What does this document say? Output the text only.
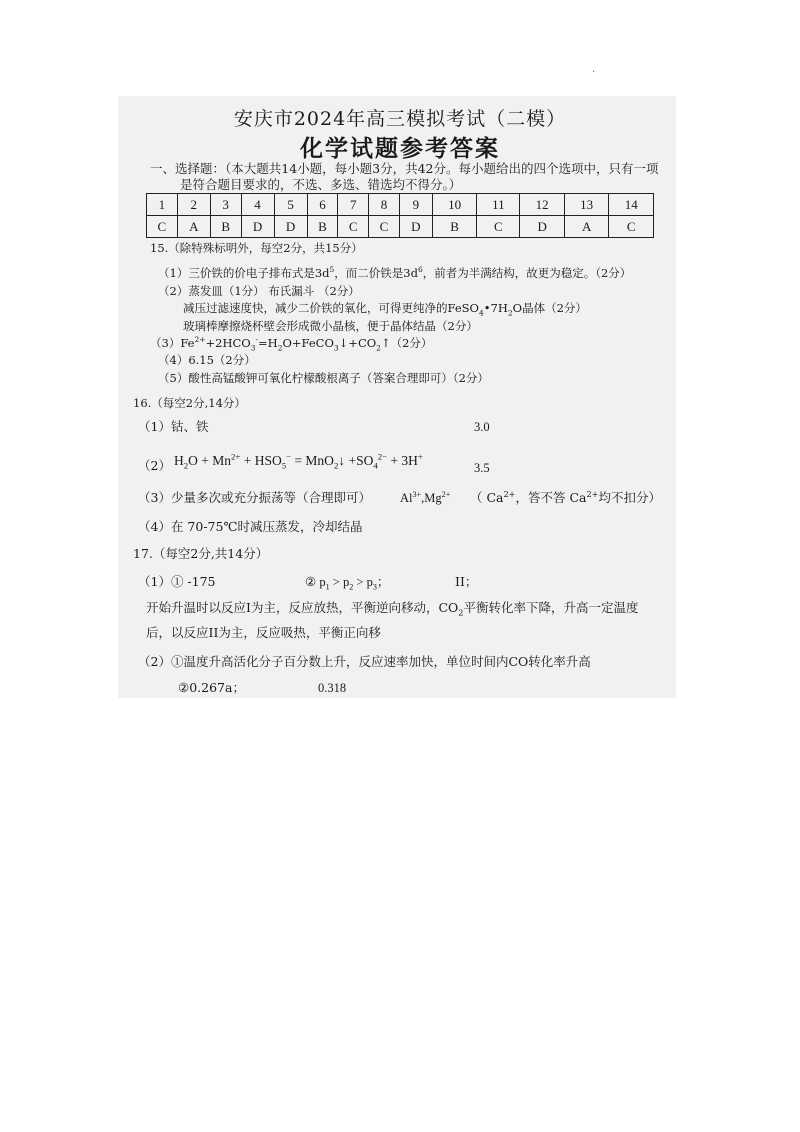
.
安庆市2024年高三模拟考试（二模）
化学试题参考答案
一、选择题：（本大题共14小题，每小题3分，共42分。每小题给出的四个选项中，只有一项
是符合题目要求的，不选、多选、错选均不得分。）
1	2	3	4	5	6	7	8	9	10	11	12	13	14
C	A	B	D	D	B	C	C	D	B	C	D	A	C
15.（除特殊标明外，每空2分，共15分）
（1）三价铁的价电子排布式是$3d^5$，而二价铁是$3d^6$，前者为半满结构，故更为稳定。（2分）
（2）蒸发皿（1分） 布氏漏斗 （2分）
减压过滤速度快，减少二价铁的氧化，可得更纯净的$FeSO_4•7H_2O$晶体（2分）
玻璃棒摩擦烧杯壁会形成微小晶核，便于晶体结晶（2分）
$(3)Fe^{2+}+2HCO_3^-=H_2O+FeCO_3↓+CO_2↑(2$分）
（4）6.15（2分）
（5）酸性高锰酸钾可氧化柠檬酸根离子（答案合理即可）（2分）
16.（每空2分,14分）
（1）钴、铁	3.0
（2） $H_2O + Mn^{2+} + HSO_5^-$ = MnO$_2$↓ $+SO_4^{2-} + 3H^+$
3.5
（3）少量多次或充分振荡等（合理即可） $Al^{3+},Mg^{2+}$ （ $Ca^{2+}$，答不答 $Ca^{2+}$均不扣分）
（4）在 70-75℃时减压蒸发，冷却结晶
17.（每空2分,共14分）
（1）① -175	② $p_1 > p_2 > p_3$；	II；
开始升温时以反应I为主，反应放热，平衡逆向移动，$CO_2$平衡转化率下降，升高一定温度
后，以反应II为主，反应吸热，平衡正向移
（2）①温度升高活化分子百分数上升，反应速率加快，单位时间内CO转化率升高
②0.267a；	0.318
